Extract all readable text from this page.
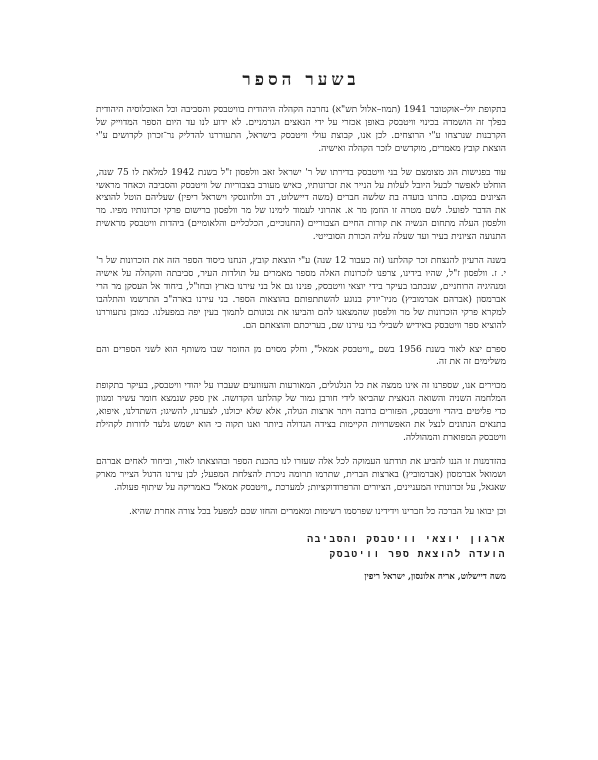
בשער הספר

בתקופת יולי–אוקטובר 1941 (תמוז–אלול תש"א) נחרבה הקהלה היהודית בוויטבסק והסביבה וכל האוכלוסיה היהודית בפלך זה הושמדה בכינוי וויטבסק באופן אכזרי על ידי הנאצים הגרמניים. לא ידוע לנו עד היום הספר המדוייק של הקרבנות שנרצחו ע"י הרוצחים. לכן אנו, קבוצת עולי וויטבסק בישראל, התעוררנו להדליק נר־זכרון לקדושים ע"י הוצאת קובץ מאמרים, מוקדשים לזכר הקהלה ואישיה.

עוד בפגישות הוג מצומצם של בני וויטבסק בדירתו של ר' ישראל זאב וולפסון ז"ל בשנת 1942 למלאת לו 75 שנה, הוחלט לאפשר לבעל היובל לעלות על הנייר את זכרונותיו, כאיש מעורב בצבוריות של וויטבסק והסביבה וכאחד מראשי הציונים במקום. בחרנו בועדה בת שלשה חברים (משה דיישלוט, דב וולוזונסקי וישראל ריפין) שעליהם הוטל להוציא את הדבר לפועל. לשם מטרה זו הוזמן מר א. אהרוני לעמוד לימינו של מר וולפסון ברישום פרקי זכרונותיו מפיו. מר וולפסון העלה מתחום הנשיה את קורות החיים הצבוריים (החנוכיים, הכלכליים והלאומיים) ביהדות וויטבסק מראשית התנועה הציונית בעיר ועד שעלה עליה הכורת הסובייטי.

בשנה הרעיון להנצחת זכר קהלתנו (זה כעבור 12 שנה) ע"י הוצאת קובץ, הנחנו כיסוד הספר הזה את הזכרונות של ר' י. ז. וולפסון ז"ל, שהיו בידינו, צרפנו לזכרונות האלה מספר מאמרים על תולדות העיר, סביבתה והקהלה על אישיה ומנהיגיה הרוחניים, שנכתבו בעיקר בידי יוצאי וויטבסק, פנינו גם אל בני עירנו בארץ ובחו"ל, ביחוד אל העסקן מר הרי אברמסון (אברהם אברמוביץ) מניו־יורק בנוגע להשתתפותם בהוצאות הספר. בני עירנו בארה"ב התרשמו והתלהבו למקרא פרקי הזכרונות של מר וולפסון שהמצאנו להם והביעו את נכונותם לתמוך בעין יפה במפעלנו. כמובן נתעוררנו להוציא ספר וויטבסק באידיש לשבילי בני עירנו שם, בעריכתם והוצאתם הם.

ספרם יצא לאור בשנת 1956 בשם „וויטבסק אמאל", וחלק מסוים מן החומר שבו משותף הוא לשני הספרים והם משלימים זה את זה.

מכוירים אנו, שספרנו זה אינו ממצה את כל הנלגולים, המאורעות והעזוזעים שעברו על יהודי וויטבסק, בעיקר בתקופת המלחמה השניה והשואה הנאצית שהביאו לידי חורבן גמור של קהלתנו הקדושה. אין ספק שנמצא חומר עשיר ומגוון כדי פליטים ביהדי וויטבסק, הפזורים ברובה ויתר ארצות הגולה, אלא שלא יכולנו, לצערנו, להשיגו; השתדלנו, איפוא, בתנאים הנתונים לנצל את האפשרויות הקיימות בצידה הגדולה ביותר ואנו תקוה כי הוא ישמש גלעד לדורות לקהילת וויטבסק המפוארת והמהוללה.

בהזדמנות זו הננו להביע את תודתנו העמוקה לכל אלה שעזרו לנו בהכנת הספר ובהוצאתו לאור, וביחוד לאחים אברהם ושמואל אברמסון (אברמוביץ) בארצות הברית, שתרמו תרומה ניכרת להצלחת המפעל; לבן עירנו הדגול הצייר מארק שאגאל, על זכרונותיו המעניינים, הציורים והרפרודוקציות; למערכת „וויטבסק אמאל" באמריקה על שיתוף פעולה.

וכן יבואו על הברכה כל חברינו וידידינו שפרסמו רשימות ומאמרים והחזו שכם למפעל בכל צורה אחרת שהיא.

ארגון יוצאי וויטבסק והסביבה
הועדה להוצאת ספר וויטבסק
משה דיישלוט, אריה אלונסון, ישראל ריפין
